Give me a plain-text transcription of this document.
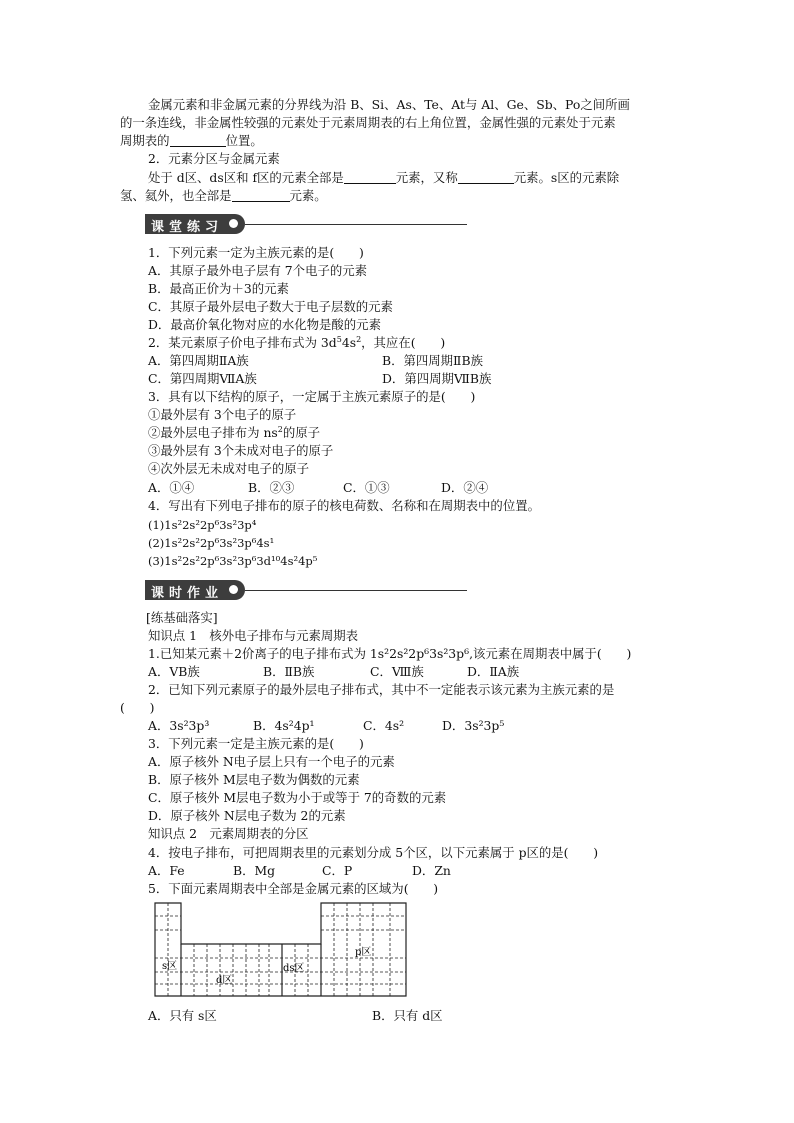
金属元素和非金属元素的分界线为沿 B、Si、As、Te、At与 Al、Ge、Sb、Po之间所画
的一条连线，非金属性较强的元素处于元素周期表的右上角位置，金属性强的元素处于元素
周期表的	位置。
2．元素分区与金属元素
处于 d区、ds区和 f区的元素全部是	元素，又称	元素。s区的元素除
氢、氦外，也全部是	元素。
课堂练习
1．下列元素一定为主族元素的是(　　)
A．其原子最外电子层有 7个电子的元素
B．最高正价为＋3的元素
C．其原子最外层电子数大于电子层数的元素
D．最高价氧化物对应的水化物是酸的元素
2．某元素原子价电子排布式为 $3d^54s^2$，其应在(　　)
A．第四周期ⅡA族	B．第四周期ⅡB族
C．第四周期ⅦA族	D．第四周期ⅦB族
3．具有以下结构的原子，一定属于主族元素原子的是(　　)
①最外层有 3个电子的原子
②最外层电子排布为 $ns^2$的原子
③最外层有 3个未成对电子的原子
④次外层无未成对电子的原子
A．①④	B．②③	C．①③	D．②④
4．写出有下列电子排布的原子的核电荷数、名称和在周期表中的位置。
(1)1s²2s²2p⁶3s²3p⁴
(2)1s²2s²2p⁶3s²3p⁶4s¹
(3)1s²2s²2p⁶3s²3p⁶3d¹⁰4s²4p⁵
课时作业
[练基础落实]
知识点 1　核外电子排布与元素周期表
1.已知某元素＋2价离子的电子排布式为 1s²2s²2p⁶3s²3p⁶,该元素在周期表中属于(　　)
A．ⅤB族	B．ⅡB族	C．Ⅷ族	D．ⅡA族
2．已知下列元素原子的最外层电子排布式，其中不一定能表示该元素为主族元素的是
(　　)
A．3s²3p³	B．4s²4p¹	C．4s²	D．3s²3p⁵
3．下列元素一定是主族元素的是(　　)
A．原子核外 N电子层上只有一个电子的元素
B．原子核外 M层电子数为偶数的元素
C．原子核外 M层电子数为小于或等于 7的奇数的元素
D．原子核外 N层电子数为 2的元素
知识点 2　元素周期表的分区
4．按电子排布，可把周期表里的元素划分成 5个区，以下元素属于 p区的是(　　)
A．Fe	B．Mg	C．P	D．Zn
5．下面元素周期表中全部是金属元素的区域为(　　)
s区
d区
ds区
p区
A．只有 s区	B．只有 d区
